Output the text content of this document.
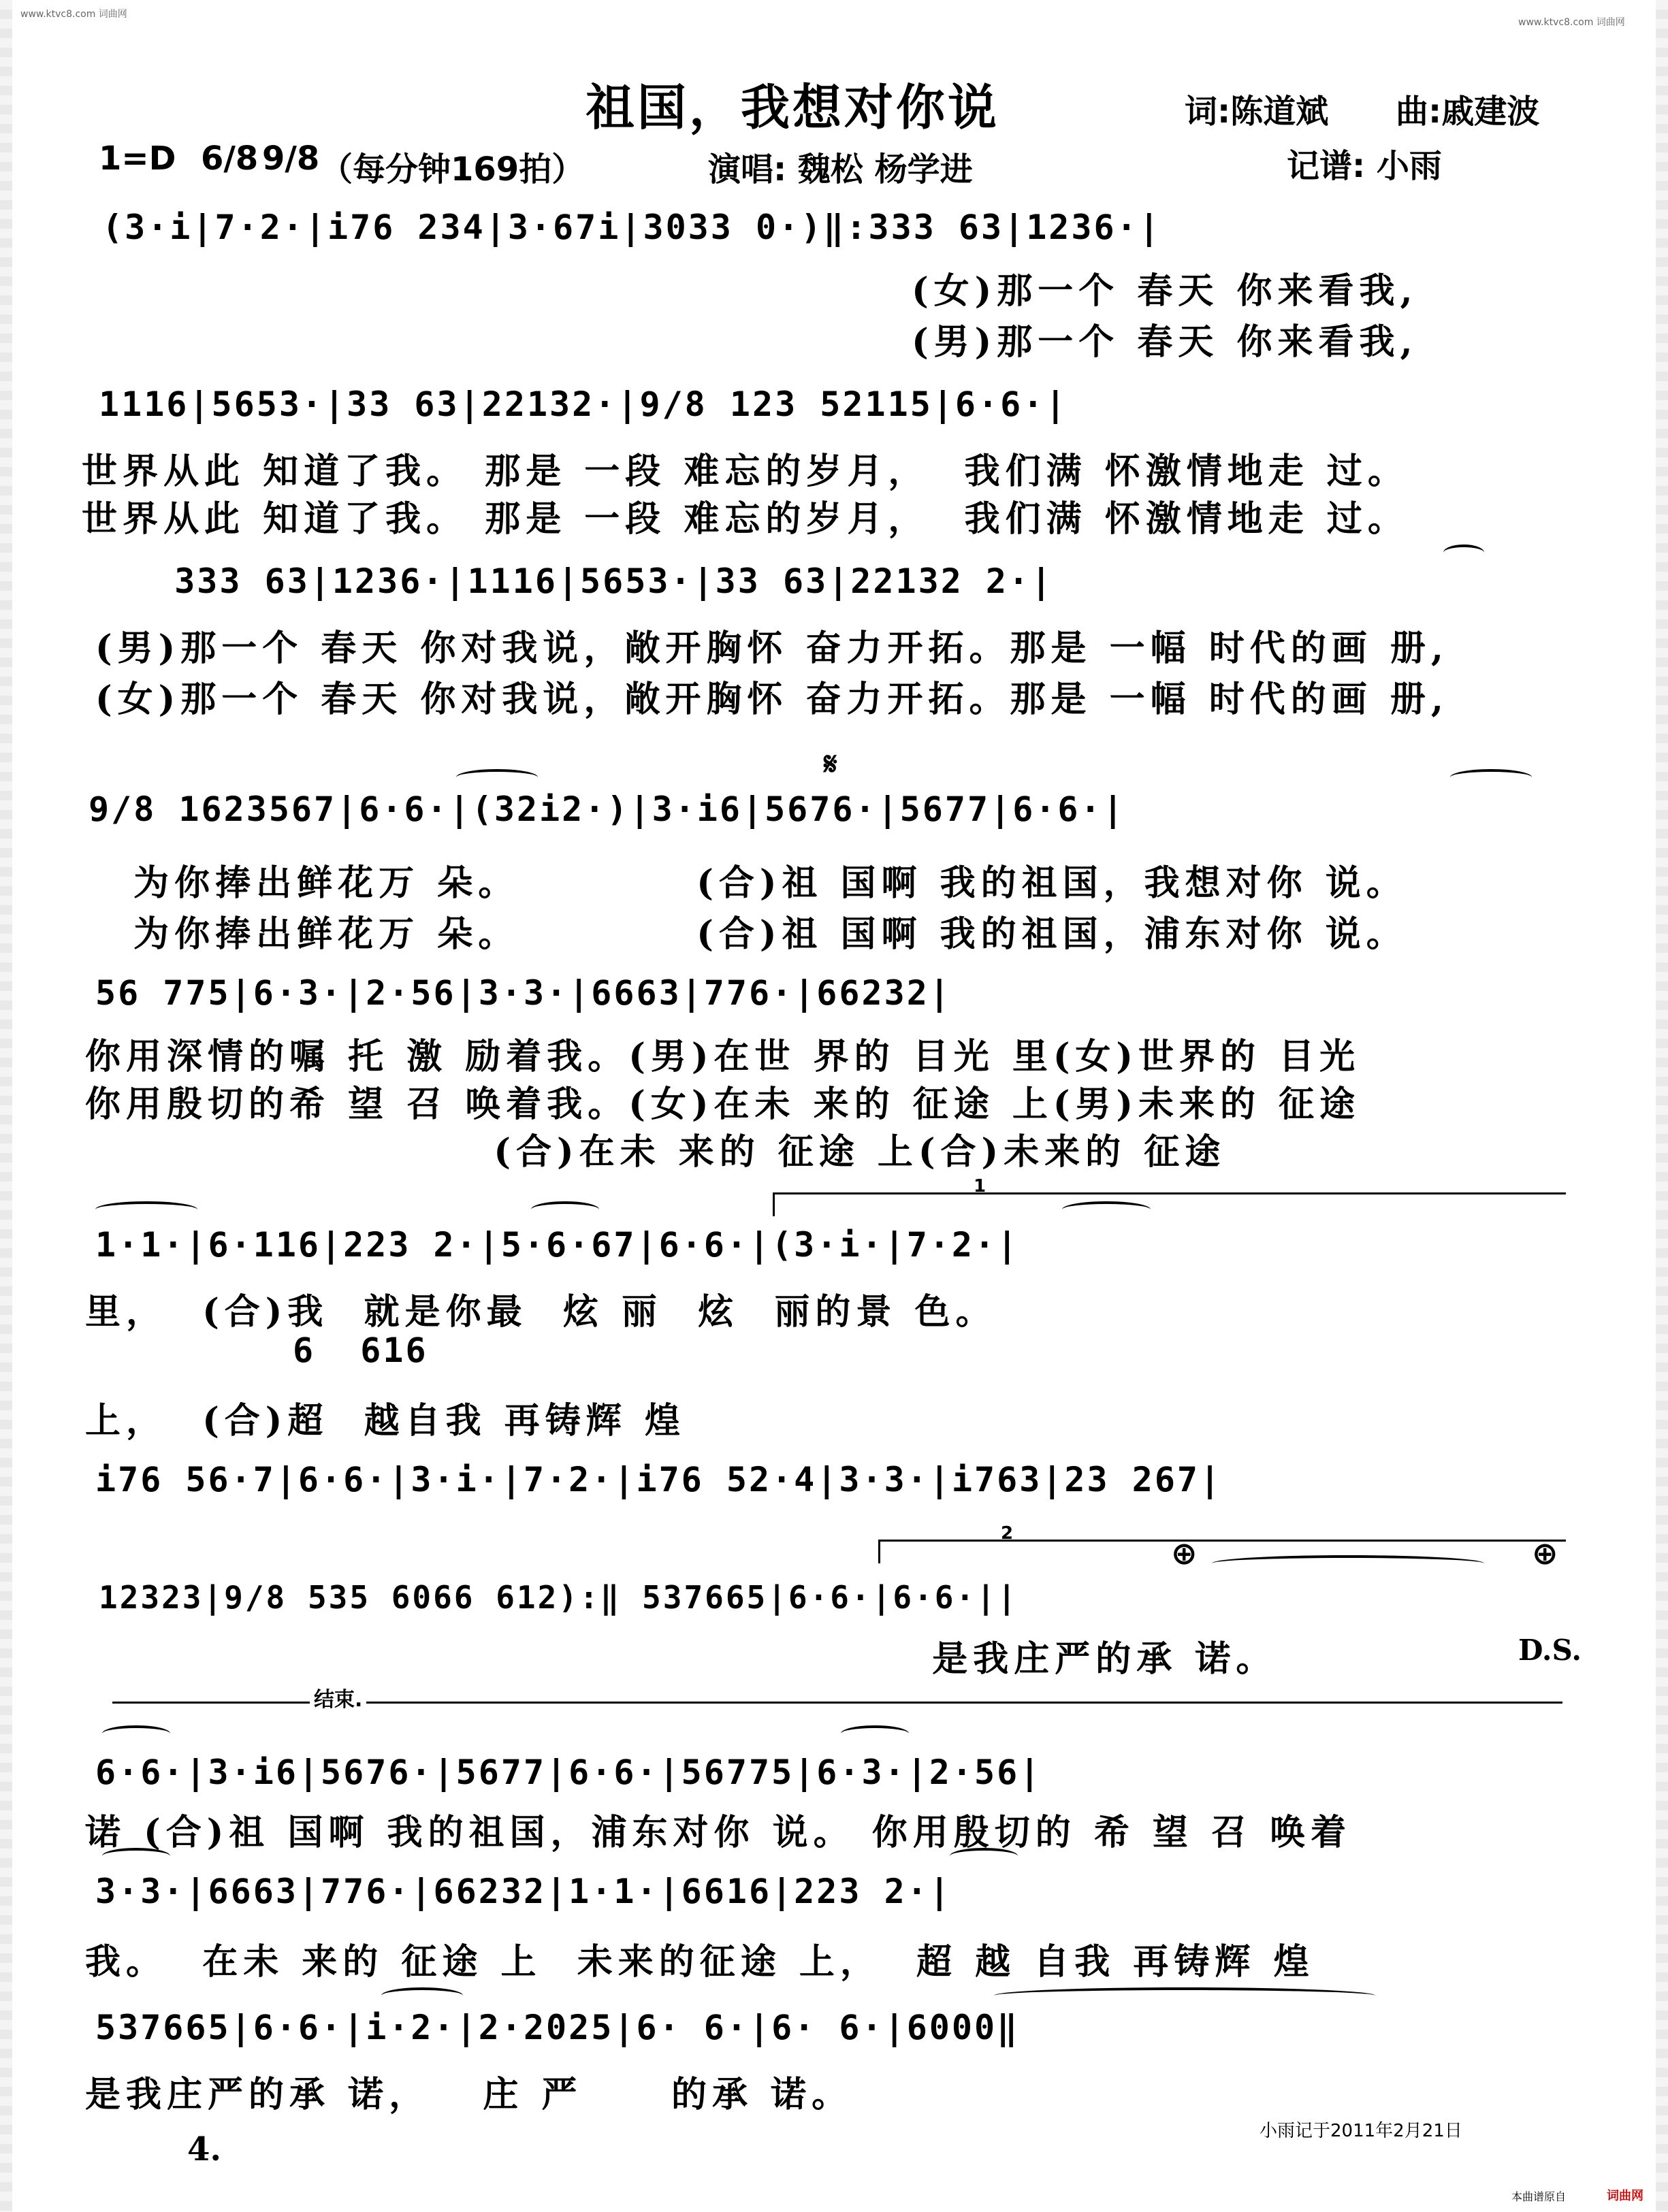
www.ktvc8.com 词曲网
www.ktvc8.com 词曲网
祖国，我想对你说	词:陈道斌 曲:戚建波
1=D 6/8 9/8 （每分钟169拍）	演唱: 魏松 杨学进	记谱: 小雨
(3·i|7·2·|i76 234|3·67i|3033 0·)‖:333 63|1236·|
(女)那一个 春天 你来看我,
(男)那一个 春天 你来看我,
1116|5653·|33 63|22132·|9/8 123 52115|6·6·|
世界从此 知道了我。 那是 一段 难忘的岁月，  我们满 怀激情地走 过。
世界从此 知道了我。 那是 一段 难忘的岁月，  我们满 怀激情地走 过。
333 63|1236·|1116|5653·|33 63|22132 2·|
(男)那一个 春天 你对我说，敞开胸怀 奋力开拓。那是 一幅 时代的画 册,
(女)那一个 春天 你对我说，敞开胸怀 奋力开拓。那是 一幅 时代的画 册,
𝄋
9/8 1623567|6·6·|(32i2·)|3·i6|5676·|5677|6·6·|
为你捧出鲜花万 朵。          (合)祖 国啊 我的祖国，我想对你 说。
为你捧出鲜花万 朵。          (合)祖 国啊 我的祖国，浦东对你 说。
56 775|6·3·|2·56|3·3·|6663|776·|66232|
你用深情的嘱 托 激 励着我。(男)在世 界的 目光 里(女)世界的 目光
你用殷切的希 望 召 唤着我。(女)在未 来的 征途 上(男)未来的 征途
(合)在未 来的 征途 上(合)未来的 征途
1
1·1·|6·116|223 2·|5·6·67|6·6·|(3·i·|7·2·|
里，  (合)我  就是你最  炫 丽  炫  丽的景 色。
6  616
上，  (合)超  越自我 再铸辉 煌
i76 56·7|6·6·|3·i·|7·2·|i76 52·4|3·3·|i763|23 267|
2
⊕	⊕
12323|9/8 535 6066 612):‖ 537665|6·6·|6·6·||
是我庄严的承 诺。	D.S.
结束.
6·6·|3·i6|5676·|5677|6·6·|56775|6·3·|2·56|
诺 (合)祖 国啊 我的祖国，浦东对你 说。 你用殷切的 希 望 召 唤着
3·3·|6663|776·|66232|1·1·|6616|223 2·|
我。  在未 来的 征途 上  未来的征途 上，  超 越 自我 再铸辉 煌
537665|6·6·|i·2·|2·2025|6· 6·|6· 6·|6000‖
是我庄严的承 诺，   庄 严     的承 诺。
4.	小雨记于2011年2月21日
本曲谱原自	词曲网
